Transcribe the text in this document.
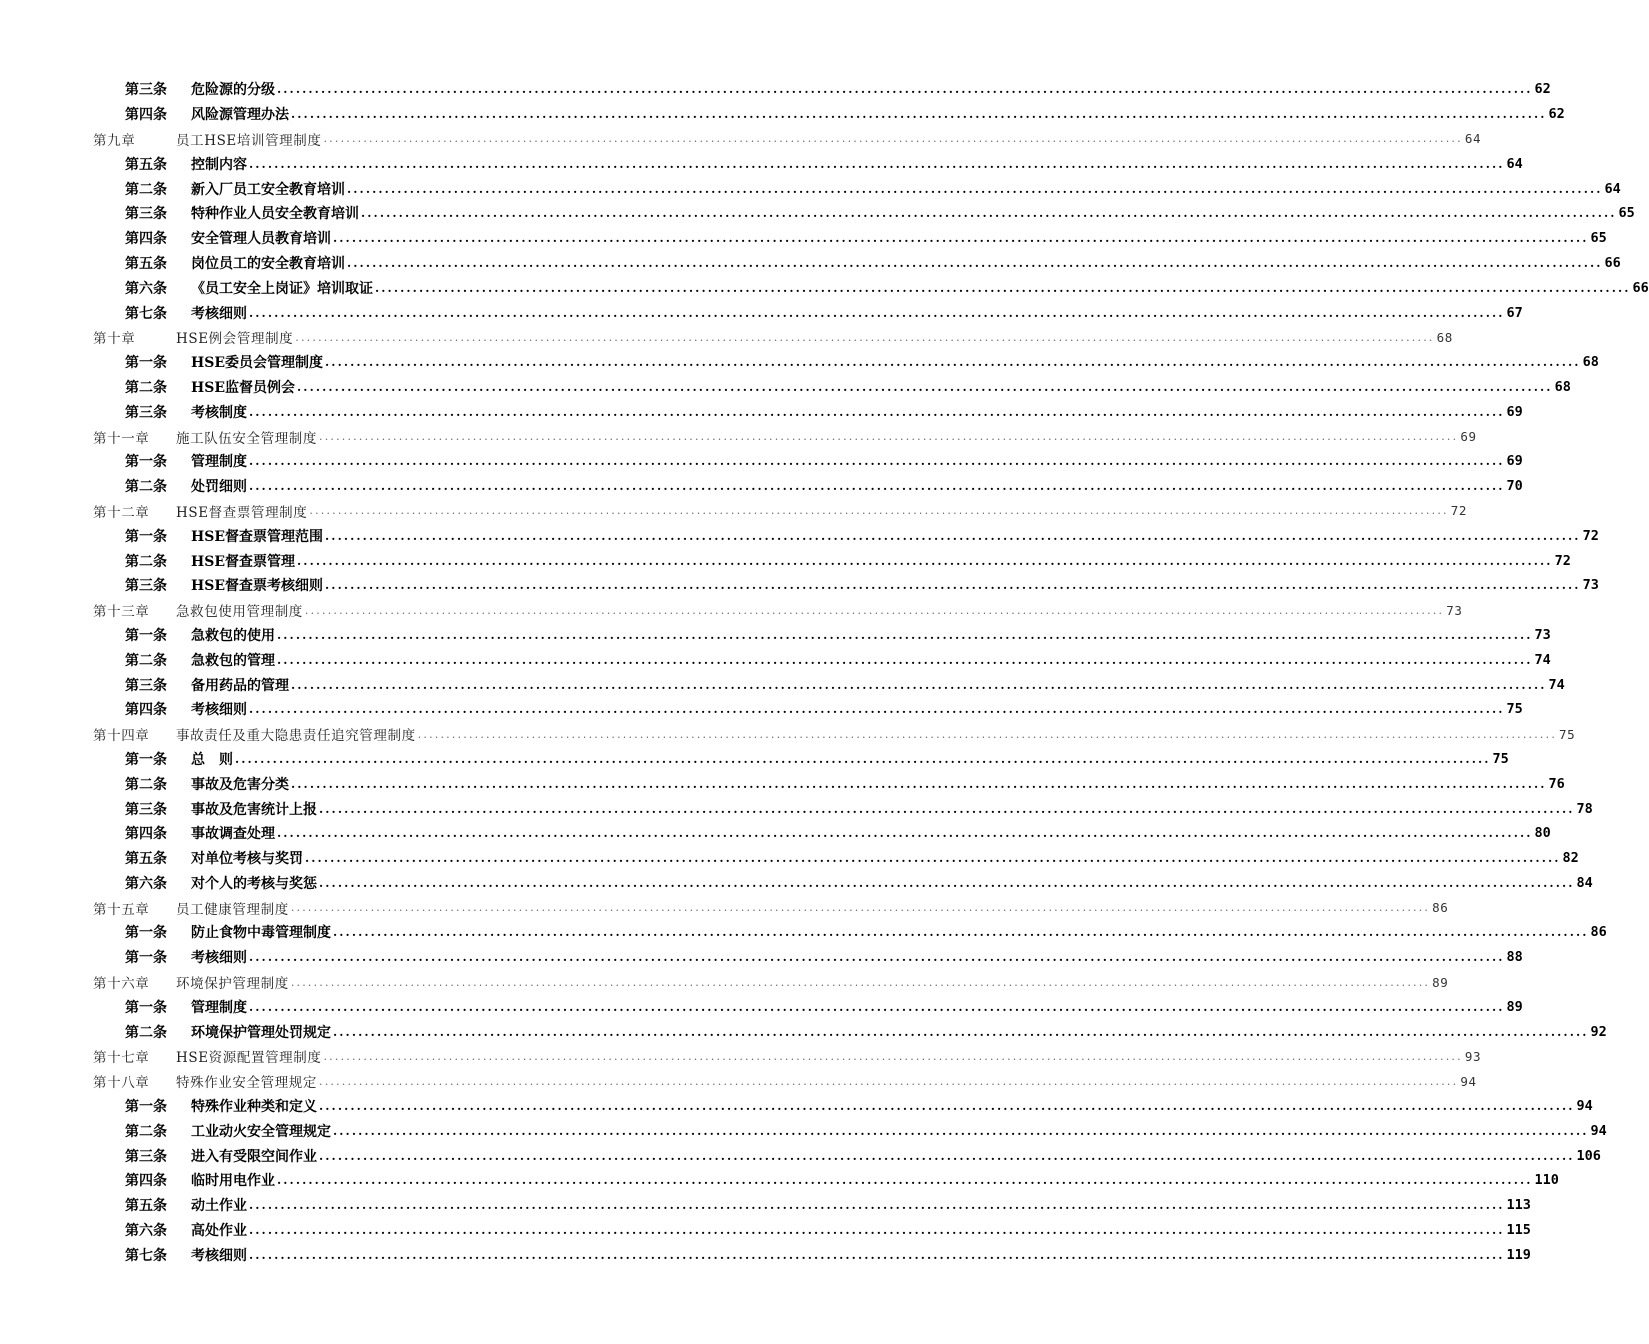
第三条 危险源的分级 ........................................................................................................................................................................................................ 62
第四条 风险源管理办法 ........................................................................................................................................................................................................ 62
第九章	员工HSE培训管理制度 ........................................................................................................................................................................................................ 64
第五条 控制内容 ........................................................................................................................................................................................................ 64
第二条 新入厂员工安全教育培训 ........................................................................................................................................................................................................ 64
第三条 特种作业人员安全教育培训 ........................................................................................................................................................................................................ 65
第四条 安全管理人员教育培训 ........................................................................................................................................................................................................ 65
第五条 岗位员工的安全教育培训 ........................................................................................................................................................................................................ 66
第六条 《员工安全上岗证》培训取证 ........................................................................................................................................................................................................ 66
第七条 考核细则 ........................................................................................................................................................................................................ 67
第十章	HSE例会管理制度 ........................................................................................................................................................................................................ 68
第一条 HSE委员会管理制度 ........................................................................................................................................................................................................ 68
第二条 HSE监督员例会 ........................................................................................................................................................................................................ 68
第三条 考核制度 ........................................................................................................................................................................................................ 69
第十一章 施工队伍安全管理制度 ........................................................................................................................................................................................................ 69
第一条 管理制度 ........................................................................................................................................................................................................ 69
第二条 处罚细则 ........................................................................................................................................................................................................ 70
第十二章 HSE督查票管理制度 ........................................................................................................................................................................................................ 72
第一条 HSE督查票管理范围 ........................................................................................................................................................................................................ 72
第二条 HSE督查票管理 ........................................................................................................................................................................................................ 72
第三条 HSE督查票考核细则 ........................................................................................................................................................................................................ 73
第十三章 急救包使用管理制度 ........................................................................................................................................................................................................ 73
第一条 急救包的使用 ........................................................................................................................................................................................................ 73
第二条 急救包的管理 ........................................................................................................................................................................................................ 74
第三条 备用药品的管理 ........................................................................................................................................................................................................ 74
第四条 考核细则 ........................................................................................................................................................................................................ 75
第十四章 事故责任及重大隐患责任追究管理制度 ........................................................................................................................................................................................................ 75
第一条 总　则 ........................................................................................................................................................................................................ 75
第二条 事故及危害分类 ........................................................................................................................................................................................................ 76
第三条 事故及危害统计上报 ........................................................................................................................................................................................................ 78
第四条 事故调查处理 ........................................................................................................................................................................................................ 80
第五条 对单位考核与奖罚 ........................................................................................................................................................................................................ 82
第六条 对个人的考核与奖惩 ........................................................................................................................................................................................................ 84
第十五章 员工健康管理制度 ........................................................................................................................................................................................................ 86
第一条 防止食物中毒管理制度 ........................................................................................................................................................................................................ 86
第一条 考核细则 ........................................................................................................................................................................................................ 88
第十六章 环境保护管理制度 ........................................................................................................................................................................................................ 89
第一条 管理制度 ........................................................................................................................................................................................................ 89
第二条 环境保护管理处罚规定 ........................................................................................................................................................................................................ 92
第十七章 HSE资源配置管理制度 ........................................................................................................................................................................................................ 93
第十八章 特殊作业安全管理规定 ........................................................................................................................................................................................................ 94
第一条 特殊作业种类和定义 ........................................................................................................................................................................................................ 94
第二条 工业动火安全管理规定 ........................................................................................................................................................................................................ 94
第三条 进入有受限空间作业 ........................................................................................................................................................................................................ 106
第四条 临时用电作业 ........................................................................................................................................................................................................ 110
第五条 动土作业 ........................................................................................................................................................................................................ 113
第六条 高处作业 ........................................................................................................................................................................................................ 115
第七条 考核细则 ........................................................................................................................................................................................................ 119
